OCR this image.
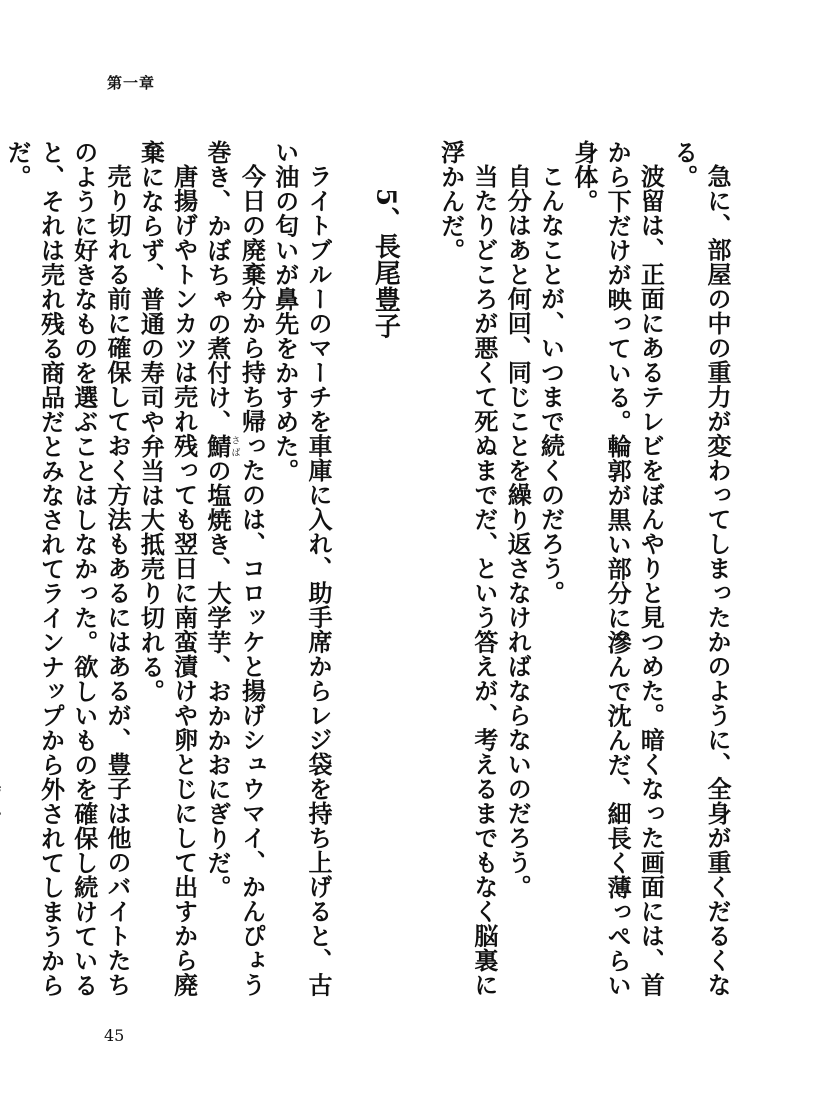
第一章

急に、部屋の中の重力が変わってしまったかのように、全身が重くだるくなる。

波留は、正面にあるテレビをぼんやりと見つめた。暗くなった画面には、首から下だけが映っている。輪郭が黒い部分に滲んで沈んだ、細長く薄っぺらい身体。

こんなことが、いつまで続くのだろう。

自分はあと何回、同じことを繰り返さなければならないのだろう。

当たりどころが悪くて死ぬまでだ、という答えが、考えるまでもなく脳裏に浮かんだ。

5、長尾豊子

ライトブルーのマーチを車庫に入れ、助手席からレジ袋を持ち上げると、古い油の匂いが鼻先をかすめた。

今日の廃棄分から持ち帰ったのは、コロッケと揚げシュウマイ、かんぴょう巻き、かぼちゃの煮付け、鯖さばの塩焼き、大学芋、おかかおにぎりだ。

唐揚げやトンカツは売れ残っても翌日に南蛮漬けや卵とじにして出すから廃棄にならず、普通の寿司や弁当は大抵売り切れる。

売り切れる前に確保しておく方法もあるにはあるが、豊子は他のバイトたちのように好きなものを選ぶことはしなかった。欲しいものを確保し続けていると、それは売れ残る商品だとみなされてラインナップから外されてしまうからだ。

45
